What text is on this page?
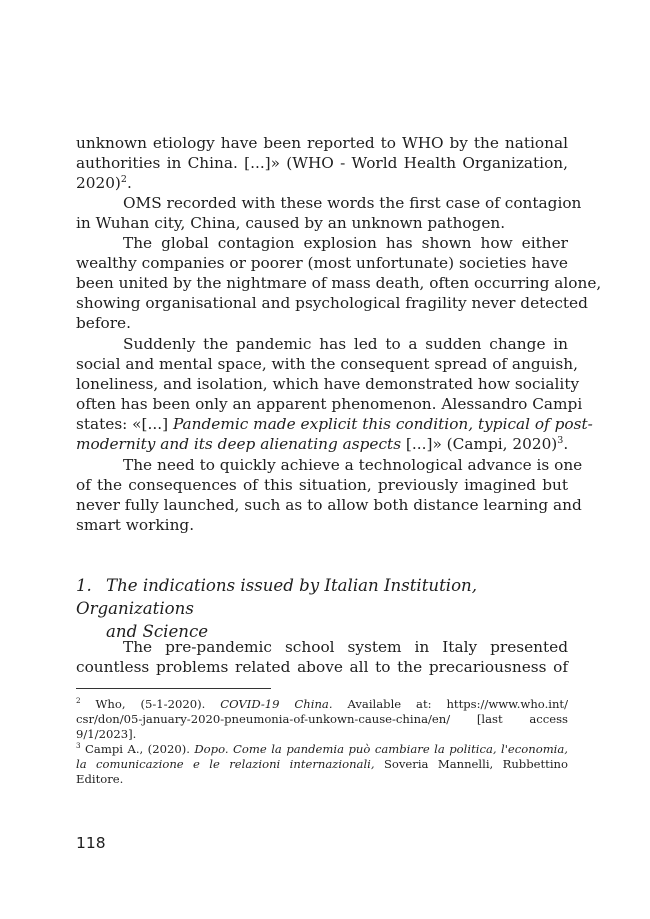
unknown etiology have been reported to WHO by the national
authorities in China. [...]» (WHO - World Health Organization,
2020)$^2$.

OMS recorded with these words the first case of contagion
in Wuhan city, China, caused by an unknown pathogen.

The global contagion explosion has shown how either
wealthy companies or poorer (most unfortunate) societies have
been united by the nightmare of mass death, often occurring alone,
showing organisational and psychological fragility never detected
before.

Suddenly the pandemic has led to a sudden change in
social and mental space, with the consequent spread of anguish,
loneliness, and isolation, which have demonstrated how sociality
often has been only an apparent phenomenon. Alessandro Campi
states: «[...] Pandemic made explicit this condition, typical of post-
modernity and its deep alienating aspects [...]» (Campi, 2020)$^3$.

The need to quickly achieve a technological advance is one
of the consequences of this situation, previously imagined but
never fully launched, such as to allow both distance learning and
smart working.

1. The indications issued by Italian Institution, Organizations
and Science

The pre-pandemic school system in Italy presented
countless problems related above all to the precariousness of

$^2$ Who, (5-1-2020). COVID-19 China. Available at: https://www.who.int/
csr/don/05-january-2020-pneumonia-of-unkown-cause-china/en/ [last access
9/1/2023].
$^3$ Campi A., (2020). Dopo. Come la pandemia può cambiare la politica, l'economia,
la comunicazione e le relazioni internazionali, Soveria Mannelli, Rubbettino
Editore.
118
